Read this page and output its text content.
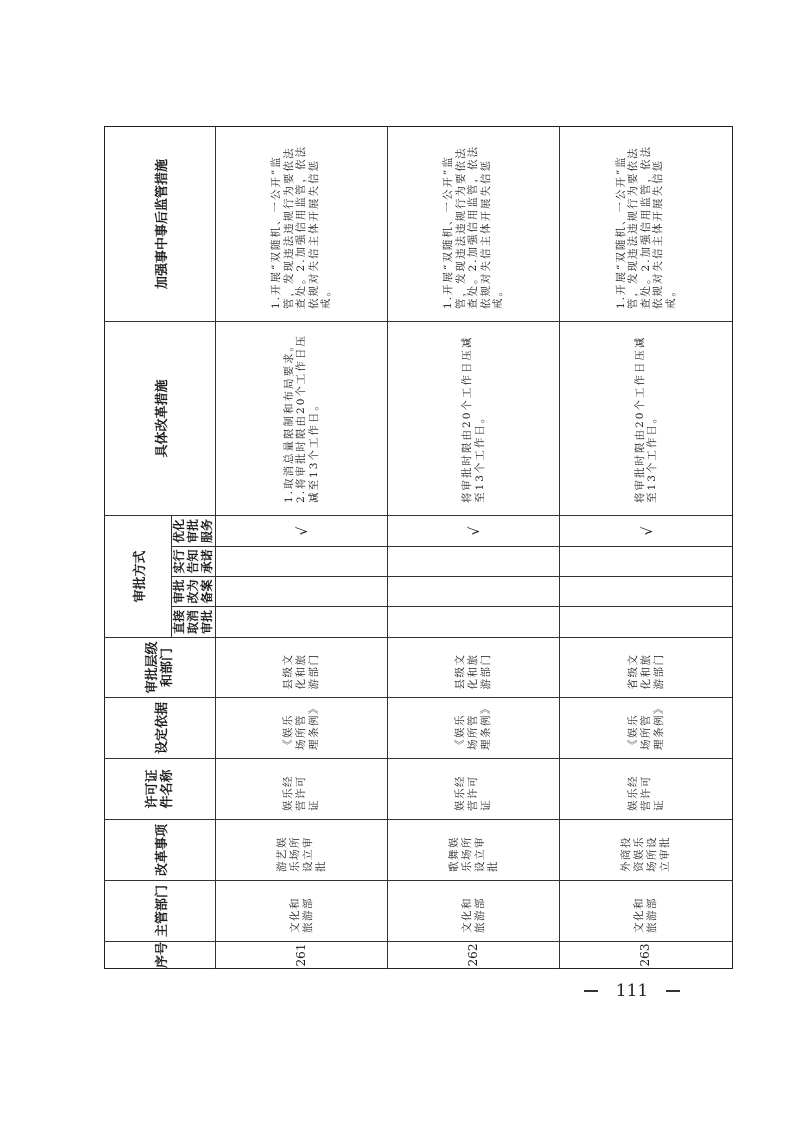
序号	主管部门	改革事项	许可证件名称	设定依据	审批层级和部门	审批方式				具体改革措施	加强事中事后监管措施
						直接取消审批	审批改为备案	实行告知承诺	优化审批服务		
261	文化和旅游部	游艺娱乐场所设立审批	娱乐经营许可证	《娱乐场所管理条例》	县级文化和旅游部门				√	1.取消总量限制和布局要求。2.将审批时限由20个工作日压减至13个工作日。	1.开展“双随机、一公开”监管，发现违法违规行为要依法查处。2.加强信用监管，依法依规对失信主体开展失信惩戒。

262	文化和旅游部	歌舞娱乐场所设立审批	娱乐经营许可证	《娱乐场所管理条例》	县级文化和旅游部门				√	将审批时限由20个工作日压减至13个工作日。	1.开展“双随机、一公开”监管，发现违法违规行为要依法查处。2.加强信用监管，依法依规对失信主体开展失信惩戒。

263	文化和旅游部	外商投资娱乐场所设立审批	娱乐经营许可证	《娱乐场所管理条例》	省级文化和旅游部门				√	将审批时限由20个工作日压减至13个工作日。	1.开展“双随机、一公开”监管，发现违法违规行为要依法查处。2.加强信用监管，依法依规对失信主体开展失信惩戒。
111
